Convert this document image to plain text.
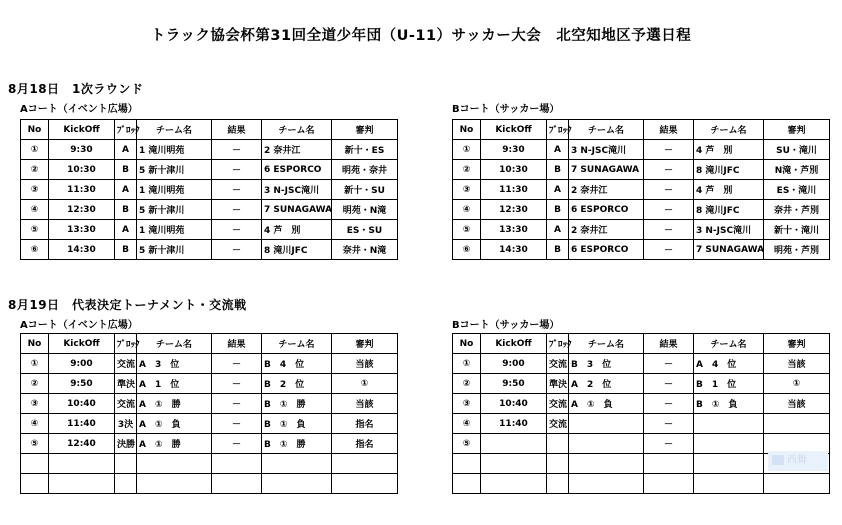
トラック協会杯第31回全道少年団（U-11）サッカー大会　北空知地区予選日程
8月18日　1次ラウンド
Aコート（イベント広場）	Bコート（サッカー場）
No	KickOff	ﾌﾞﾛｯｸ	チーム名	結果	チーム名	審判
①	9:30	A	1 滝川明苑	－	2 奈井江	新十・ES
②	10:30	B	5 新十津川	－	6 ESPORCO	明苑・奈井
③	11:30	A	1 滝川明苑	－	3 N-JSC滝川	新十・SU
④	12:30	B	5 新十津川	－	7 SUNAGAWA	明苑・N滝
⑤	13:30	A	1 滝川明苑	－	4 芦　別	ES・SU
⑥	14:30	B	5 新十津川	－	8 滝川JFC	奈井・N滝
No	KickOff	ﾌﾞﾛｯｸ	チーム名	結果	チーム名	審判
①	9:30	A	3 N-JSC滝川	－	4 芦　別	SU・滝川
②	10:30	B	7 SUNAGAWA	－	8 滝川JFC	N滝・芦別
③	11:30	A	2 奈井江	－	4 芦　別	ES・滝川
④	12:30	B	6 ESPORCO	－	8 滝川JFC	奈井・芦別
⑤	13:30	A	2 奈井江	－	3 N-JSC滝川	新十・滝川
⑥	14:30	B	6 ESPORCO	－	7 SUNAGAWA	明苑・芦別
8月19日　代表決定トーナメント・交流戦
Aコート（イベント広場）	Bコート（サッカー場）
No	KickOff	ﾌﾞﾛｯｸ	チーム名	結果	チーム名	審判
①	9:00	交流	A　3　位	－	B　4　位	当該
②	9:50	準決	A　1　位	－	B　2　位	①
③	10:40	交流	A　①　勝	－	B　①　勝	当該
④	11:40	3決	A　①　負	－	B　①　負	指名
⑤	12:40	決勝	A　①　勝	－	B　①　勝	指名

No	KickOff	ﾌﾞﾛｯｸ	チーム名	結果	チーム名	審判
①	9:00	交流	B　3　位	－	A　4　位	当該
②	9:50	準決	A　2　位	－	B　1　位	①
③	10:40	交流	A　①　負	－	B　①　負	当該
④	11:40	交流		－		
⑤				－		

西舞
